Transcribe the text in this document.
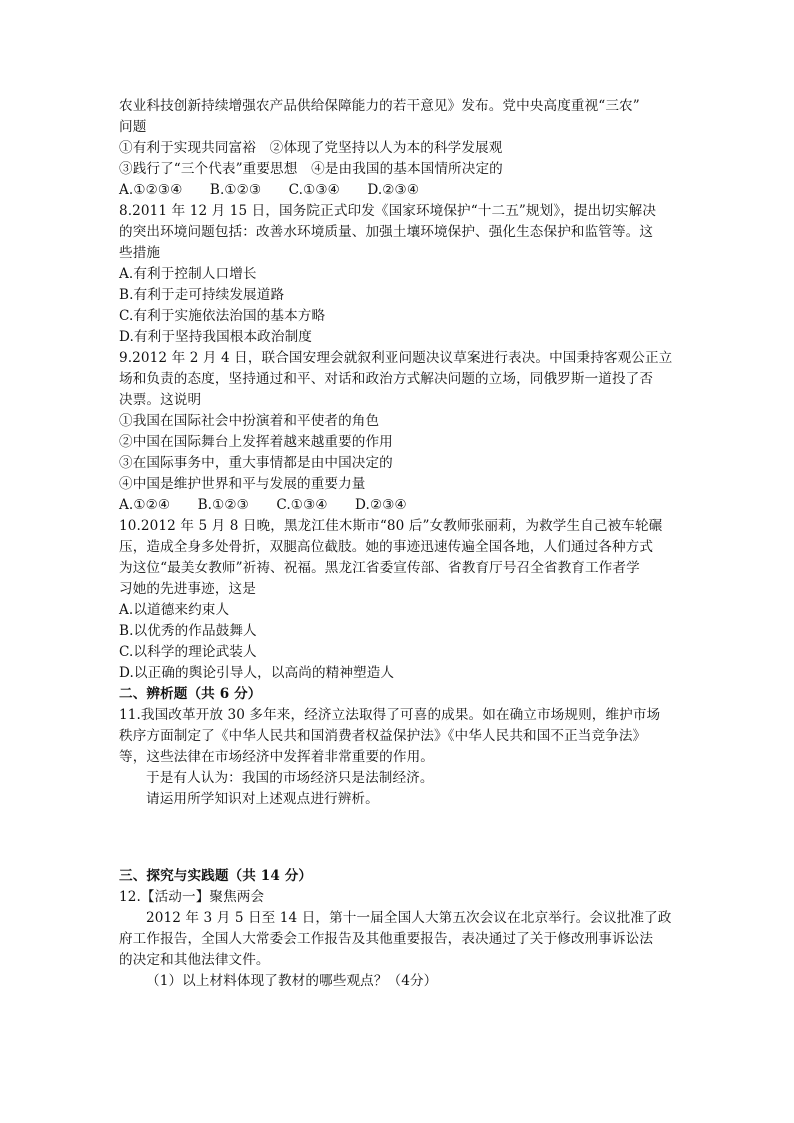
农业科技创新持续增强农产品供给保障能力的若干意见》发布。党中央高度重视“三农”
问题
①有利于实现共同富裕　②体现了党坚持以人为本的科学发展观
③践行了“三个代表”重要思想　④是由我国的基本国情所决定的
A.①②③④　　B.①②③　　C.①③④　　D.②③④
8.2011 年 12 月 15 日，国务院正式印发《国家环境保护“十二五”规划》，提出切实解决
的突出环境问题包括：改善水环境质量、加强土壤环境保护、强化生态保护和监管等。这
些措施
A.有利于控制人口增长
B.有利于走可持续发展道路
C.有利于实施依法治国的基本方略
D.有利于坚持我国根本政治制度
9.2012 年 2 月 4 日，联合国安理会就叙利亚问题决议草案进行表决。中国秉持客观公正立
场和负责的态度，坚持通过和平、对话和政治方式解决问题的立场，同俄罗斯一道投了否
决票。这说明
①我国在国际社会中扮演着和平使者的角色
②中国在国际舞台上发挥着越来越重要的作用
③在国际事务中，重大事情都是由中国决定的
④中国是维护世界和平与发展的重要力量
A.①②④　　B.①②③　　C.①③④　　D.②③④
10.2012 年 5 月 8 日晚，黑龙江佳木斯市“80 后”女教师张丽莉，为救学生自己被车轮碾
压，造成全身多处骨折，双腿高位截肢。她的事迹迅速传遍全国各地，人们通过各种方式
为这位“最美女教师”祈祷、祝福。黑龙江省委宣传部、省教育厅号召全省教育工作者学
习她的先进事迹，这是
A.以道德来约束人
B.以优秀的作品鼓舞人
C.以科学的理论武装人
D.以正确的舆论引导人，以高尚的精神塑造人
二、辨析题（共 6 分）
11.我国改革开放 30 多年来，经济立法取得了可喜的成果。如在确立市场规则，维护市场
秩序方面制定了《中华人民共和国消费者权益保护法》《中华人民共和国不正当竞争法》
等，这些法律在市场经济中发挥着非常重要的作用。
于是有人认为：我国的市场经济只是法制经济。
请运用所学知识对上述观点进行辨析。
三、探究与实践题（共 14 分）
12.【活动一】聚焦两会
2012 年 3 月 5 日至 14 日，第十一届全国人大第五次会议在北京举行。会议批准了政
府工作报告，全国人大常委会工作报告及其他重要报告，表决通过了关于修改刑事诉讼法
的决定和其他法律文件。
（1）以上材料体现了教材的哪些观点？（4分）
